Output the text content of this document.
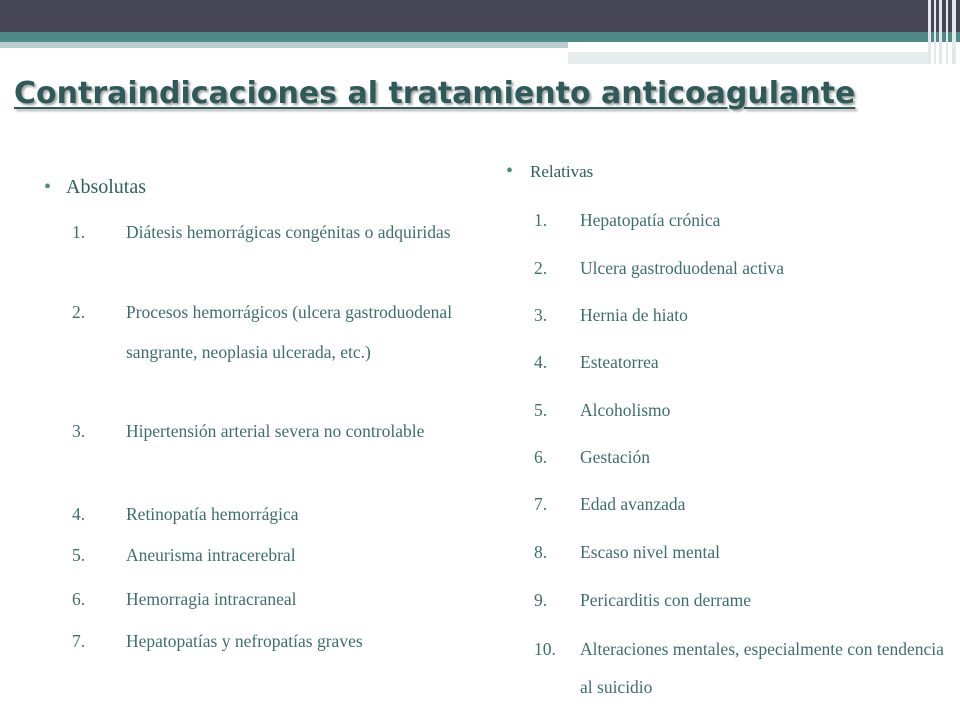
Contraindicaciones al tratamiento anticoagulante
• Absolutas
1. Diátesis hemorrágicas congénitas o adquiridas
2. Procesos hemorrágicos (ulcera gastroduodenal sangrante, neoplasia ulcerada, etc.)
3. Hipertensión arterial severa no controlable
4. Retinopatía hemorrágica
5. Aneurisma intracerebral
6. Hemorragia intracraneal
7. Hepatopatías y nefropatías graves
• Relativas
1. Hepatopatía crónica
2. Ulcera gastroduodenal activa
3. Hernia de hiato
4. Esteatorrea
5. Alcoholismo
6. Gestación
7. Edad avanzada
8. Escaso nivel mental
9. Pericarditis con derrame
10. Alteraciones mentales, especialmente con tendencia al suicidio
